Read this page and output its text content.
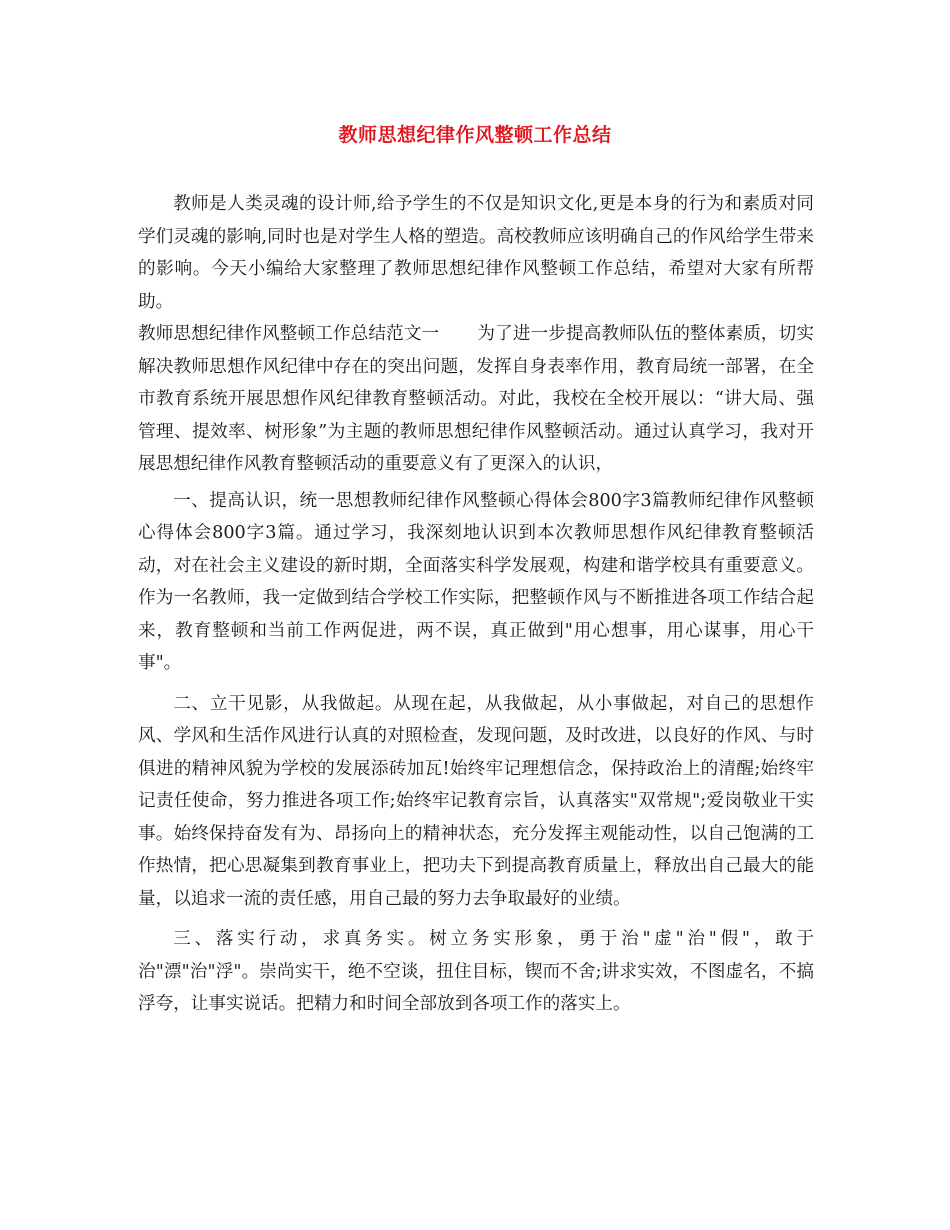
教师思想纪律作风整顿工作总结

教师是人类灵魂的设计师,给予学生的不仅是知识文化,更是本身的行为和素质对同学们灵魂的影响,同时也是对学生人格的塑造。高校教师应该明确自己的作风给学生带来的影响。今天小编给大家整理了教师思想纪律作风整顿工作总结，希望对大家有所帮助。

教师思想纪律作风整顿工作总结范文一 为了进一步提高教师队伍的整体素质，切实解决教师思想作风纪律中存在的突出问题，发挥自身表率作用，教育局统一部署，在全市教育系统开展思想作风纪律教育整顿活动。对此，我校在全校开展以：“讲大局、强管理、提效率、树形象”为主题的教师思想纪律作风整顿活动。通过认真学习，我对开展思想纪律作风教育整顿活动的重要意义有了更深入的认识，

一、提高认识，统一思想教师纪律作风整顿心得体会800字3篇教师纪律作风整顿心得体会800字3篇。通过学习，我深刻地认识到本次教师思想作风纪律教育整顿活动，对在社会主义建设的新时期，全面落实科学发展观，构建和谐学校具有重要意义。作为一名教师，我一定做到结合学校工作实际，把整顿作风与不断推进各项工作结合起来，教育整顿和当前工作两促进，两不误，真正做到"用心想事，用心谋事，用心干事"。

二、立干见影，从我做起。从现在起，从我做起，从小事做起，对自己的思想作风、学风和生活作风进行认真的对照检查，发现问题，及时改进，以良好的作风、与时俱进的精神风貌为学校的发展添砖加瓦!始终牢记理想信念，保持政治上的清醒;始终牢记责任使命，努力推进各项工作;始终牢记教育宗旨，认真落实"双常规";爱岗敬业干实事。始终保持奋发有为、昂扬向上的精神状态，充分发挥主观能动性，以自己饱满的工作热情，把心思凝集到教育事业上，把功夫下到提高教育质量上，释放出自己最大的能量，以追求一流的责任感，用自己最的努力去争取最好的业绩。

三、落实行动，求真务实。树立务实形象，勇于治"虚"治"假"，敢于治"漂"治"浮"。崇尚实干，绝不空谈，扭住目标，锲而不舍;讲求实效，不图虚名，不搞浮夸，让事实说话。把精力和时间全部放到各项工作的落实上。
